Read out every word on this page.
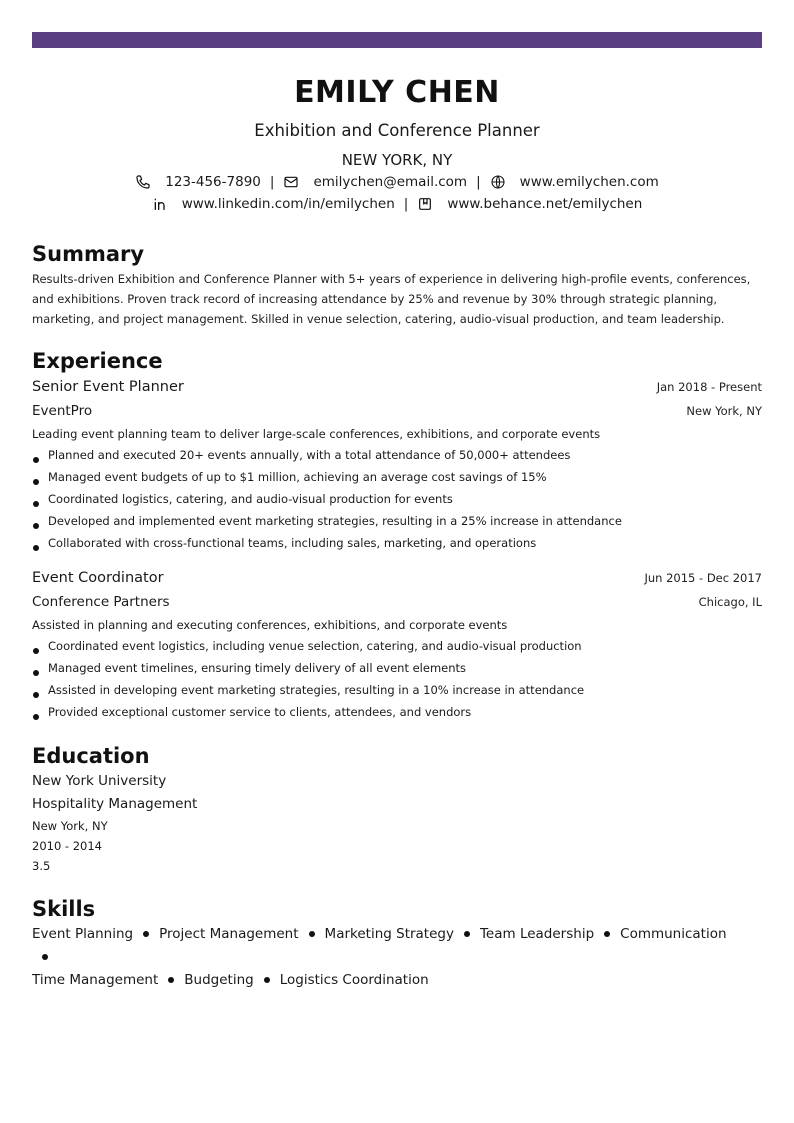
EMILY CHEN
Exhibition and Conference Planner
NEW YORK, NY
123-456-7890 |	emilychen@email.com |	www.emilychen.com
www.linkedin.com/in/emilychen |	www.behance.net/emilychen
Summary
Results-driven Exhibition and Conference Planner with 5+ years of experience in delivering high-profile events, conferences, and exhibitions. Proven track record of increasing attendance by 25% and revenue by 30% through strategic planning, marketing, and project management. Skilled in venue selection, catering, audio-visual production, and team leadership.
Experience
Senior Event Planner	Jan 2018 - Present
EventPro	New York, NY
Leading event planning team to deliver large-scale conferences, exhibitions, and corporate events
Planned and executed 20+ events annually, with a total attendance of 50,000+ attendees
Managed event budgets of up to $1 million, achieving an average cost savings of 15%
Coordinated logistics, catering, and audio-visual production for events
Developed and implemented event marketing strategies, resulting in a 25% increase in attendance
Collaborated with cross-functional teams, including sales, marketing, and operations
Event Coordinator	Jun 2015 - Dec 2017
Conference Partners	Chicago, IL
Assisted in planning and executing conferences, exhibitions, and corporate events
Coordinated event logistics, including venue selection, catering, and audio-visual production
Managed event timelines, ensuring timely delivery of all event elements
Assisted in developing event marketing strategies, resulting in a 10% increase in attendance
Provided exceptional customer service to clients, attendees, and vendors
Education
New York University
Hospitality Management
New York, NY
2010 - 2014
3.5
Skills
Event Planning Project Management Marketing Strategy Team Leadership Communication
Time Management Budgeting Logistics Coordination
